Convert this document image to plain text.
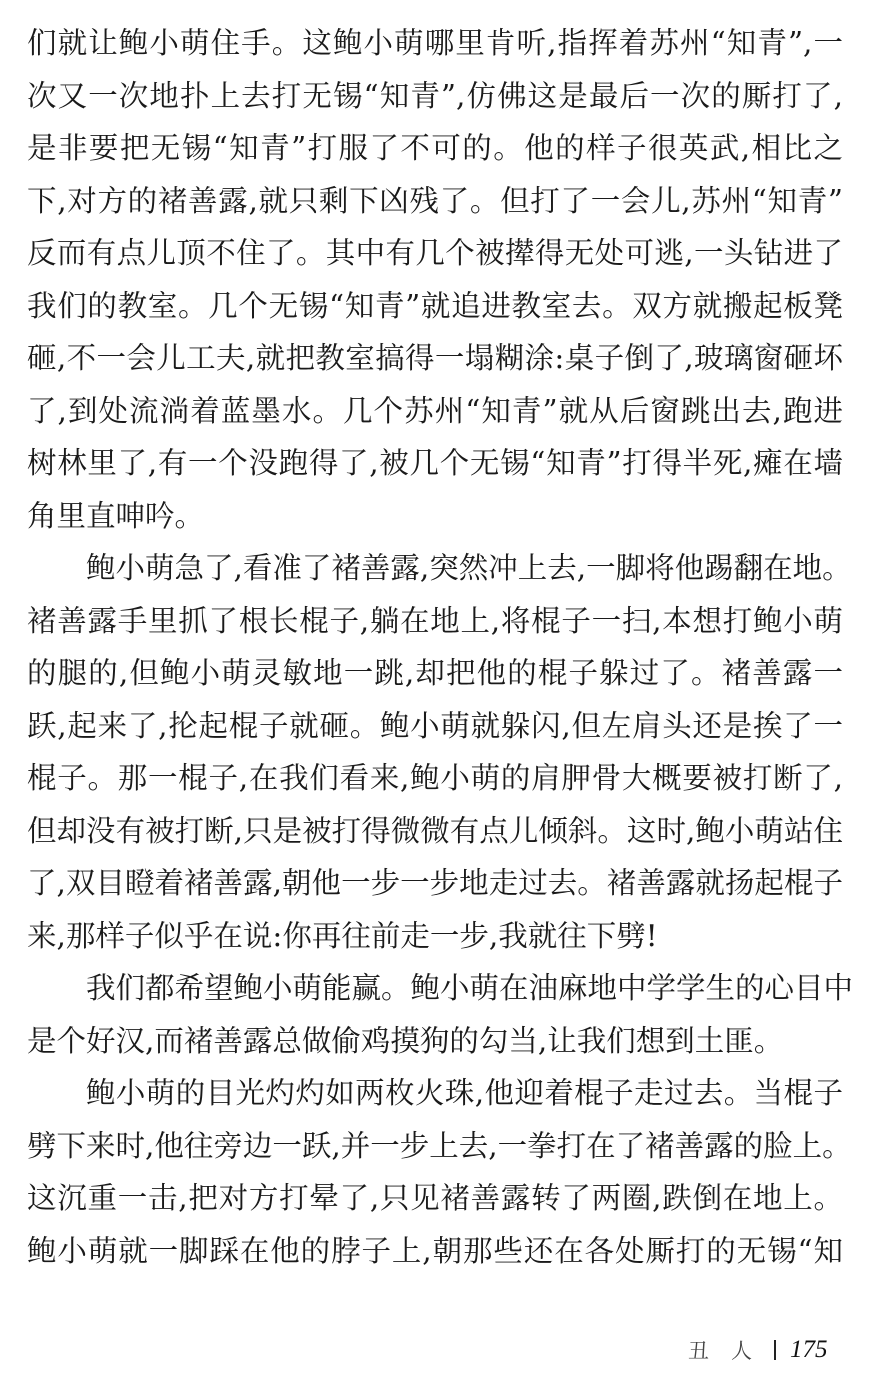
们就让鲍小萌住手。这鲍小萌哪里肯听,指挥着苏州“知青”,一
次又一次地扑上去打无锡“知青”,仿佛这是最后一次的厮打了,
是非要把无锡“知青”打服了不可的。他的样子很英武,相比之
下,对方的褚善露,就只剩下凶残了。但打了一会儿,苏州“知青”
反而有点儿顶不住了。其中有几个被撵得无处可逃,一头钻进了
我们的教室。几个无锡“知青”就追进教室去。双方就搬起板凳
砸,不一会儿工夫,就把教室搞得一塌糊涂:桌子倒了,玻璃窗砸坏
了,到处流淌着蓝墨水。几个苏州“知青”就从后窗跳出去,跑进
树林里了,有一个没跑得了,被几个无锡“知青”打得半死,瘫在墙
角里直呻吟。
鲍小萌急了,看准了褚善露,突然冲上去,一脚将他踢翻在地。
褚善露手里抓了根长棍子,躺在地上,将棍子一扫,本想打鲍小萌
的腿的,但鲍小萌灵敏地一跳,却把他的棍子躲过了。褚善露一
跃,起来了,抡起棍子就砸。鲍小萌就躲闪,但左肩头还是挨了一
棍子。那一棍子,在我们看来,鲍小萌的肩胛骨大概要被打断了,
但却没有被打断,只是被打得微微有点儿倾斜。这时,鲍小萌站住
了,双目瞪着褚善露,朝他一步一步地走过去。褚善露就扬起棍子
来,那样子似乎在说:你再往前走一步,我就往下劈!
我们都希望鲍小萌能赢。鲍小萌在油麻地中学学生的心目中
是个好汉,而褚善露总做偷鸡摸狗的勾当,让我们想到土匪。
鲍小萌的目光灼灼如两枚火珠,他迎着棍子走过去。当棍子
劈下来时,他往旁边一跃,并一步上去,一拳打在了褚善露的脸上。
这沉重一击,把对方打晕了,只见褚善露转了两圈,跌倒在地上。
鲍小萌就一脚踩在他的脖子上,朝那些还在各处厮打的无锡“知
丑人 175
